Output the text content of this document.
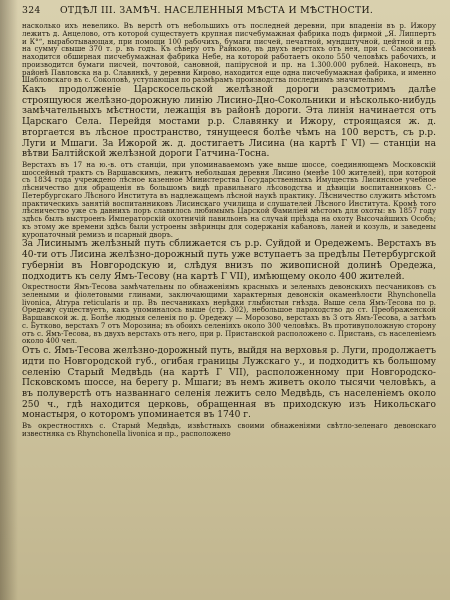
324 ОТДѢЛ III. ЗАМѢЧ. НАСЕЛЕННЫЯ МѢСТА И МѢСТНОСТИ.

насколько ихъ невелико. Въ верстѣ отъ небольшихъ отъ последней деревни, при впаденіи въ р. Ижору лежитъ д. Анцелово, отъ которой существуетъ крупная писчебумажная фабрика подъ фирмой „Я. Липпертъ и К°“, выработывающая, при помощи 100 рабочихъ, бумаги писчей, печатной, мундштучной, цейтной и пр. на сумму свыше 370 т. р. въ годъ. Къ сѣверу отъ Райково, въ двухъ верстахъ отъ нея, при с. Самсониевѣ находится обширная писчебумажная фабрика Небе, на которой работаетъ около 550 человѣкъ рабочихъ, и производится бумаги писчей, почтовой, сановной, папірусной и пр. на 1.300.000 рублей. Наконецъ, въ районѣ Павловска на р. Славянкѣ, у деревни Кирово, находится еще одна писчебумажная фабрика, и именно Шабловскаго въ с. Соколовѣ, уступающая по размѣрамъ производства последнимъ значительно.

Какъ продолженіе Царскосельской желѣзной дороги разсмотримъ далѣе строящуюся желѣзно-дорожную линію Лисино-Дно-Сокольники и нѣсколько-нибудь замѣчательныхъ мѣстности, лежащія въ районѣ дороги. Эта линія начинается отъ Царскаго Села. Перейдя мостами р.р. Славянку и Ижору, строящаяся ж. д. вторгается въ лѣсное пространство, тянущееся болѣе чѣмъ на 100 верстъ, съ р.р. Луги и Мшаги. За Ижорой ж. д. достигаетъ Лисина (на картѣ Г VI) — станціи на вѣтви Балтійской желѣзной дороги Гатчина-Тосна.

Верстахъ въ 17 на ю.-в. отъ станціи, при упоминаваемомъ уже выше шоссе, соединяющемъ Московскій шоссейный трактъ съ Варшавскимъ, лежитъ небольшая деревня Лисино (менѣе 100 жителей), при которой съ 1834 года учреждено лѣсное казенное Министерства Государственныхъ Имуществъ Лисинское учебное лѣсничество для обращенія въ большомъ видѣ правильнаго лѣсоводства и дѣвиціи воспитанниковъ С.-Петербургскаго Лѣсного Института въ надлежащемъ лѣсной наукѣ практику. Лѣсничество служитъ мѣстомъ практическихъ занятій воспитанниковъ Лисинскаго училища и слушателей Лѣсного Института. Кромѣ того лѣсничество уже съ давнихъ поръ славилось любимымъ Царской Фамиліей мѣстомъ для охоты: въ 1857 году здѣсь былъ выстроенъ Императорскій охотничій павильонъ на случай пріѣзда на охоту Высочайшихъ Особъ; къ этому же времени здѣсь были устроены звѣринцы для содержанія кабановъ, ланей и козуль, и заведены куропаточный ремизъ и псарный дворъ.

За Лисинымъ желѣзный путь сближается съ р.р. Суйдой и Оредежемъ. Верстахъ въ 40-ти отъ Лисина желѣзно-дорожный путь уже вступаетъ за предѣлы Петербургской губерніи въ Новгородскую и, слѣдуя внизъ по живописной долинѣ Оредежа, подходитъ къ селу Ямъ-Тесову (на картѣ Г VII), имѣющему около 400 жителей.

Окрестности Ямъ-Тесова замѣчательны по обнаженіямъ красныхъ и зеленыхъ девонскихъ песчаниковъ съ зелеными и фіолетовыми глинами, заключающими характерныя девонскія окаменѣлости Rhynchonella livonica, Atrypa reticularis и пр. Въ песчаникахъ нерѣдки глыбистыя гнѣзда. Выше села Ямъ-Тесова по р. Оредежу существуетъ, какъ упоминалось выше (стр. 302), небольшое пароходство до ст. Преображенской Варшавской ж. д. Болѣе людныя селенія по р. Оредежу — Морозово, верстахъ въ 3 отъ Ямъ-Тесова, а затѣмъ с. Бутково, верстахъ 7 отъ Морозина; въ обоихъ селеніяхъ около 300 человѣкъ. Въ противуположную сторону отъ с. Ямъ-Тесова, въ двухъ верстахъ отъ него, при р. Пристанской расположено с. Пристань, съ населеніемъ около 400 чел.

Отъ с. Ямъ-Тесова желѣзно-дорожный путь, выйдя на верховья р. Луги, продолжаетъ идти по Новгородской губ., огибая границы Лужскаго у., и подходитъ къ большому селенію Старый Медвѣдь (на картѣ Г VII), расположенному при Новгородско-Псковскомъ шоссе, на берегу р. Мшаги; въ немъ живетъ около тысячи человѣкъ, а въ полуверстѣ отъ названнаго селенія лежитъ село Медвѣдь, съ населеніемъ около 250 ч., гдѣ находится церковь, обращенная въ приходскую изъ Никольскаго монастыря, о которомъ упоминается въ 1740 г.

Въ окрестностяхъ с. Старый Медвѣдь, извѣстныхъ своими обнаженіями свѣтло-зеленаго девонскаго известняка съ Rhynchonella livonica и пр., расположено
